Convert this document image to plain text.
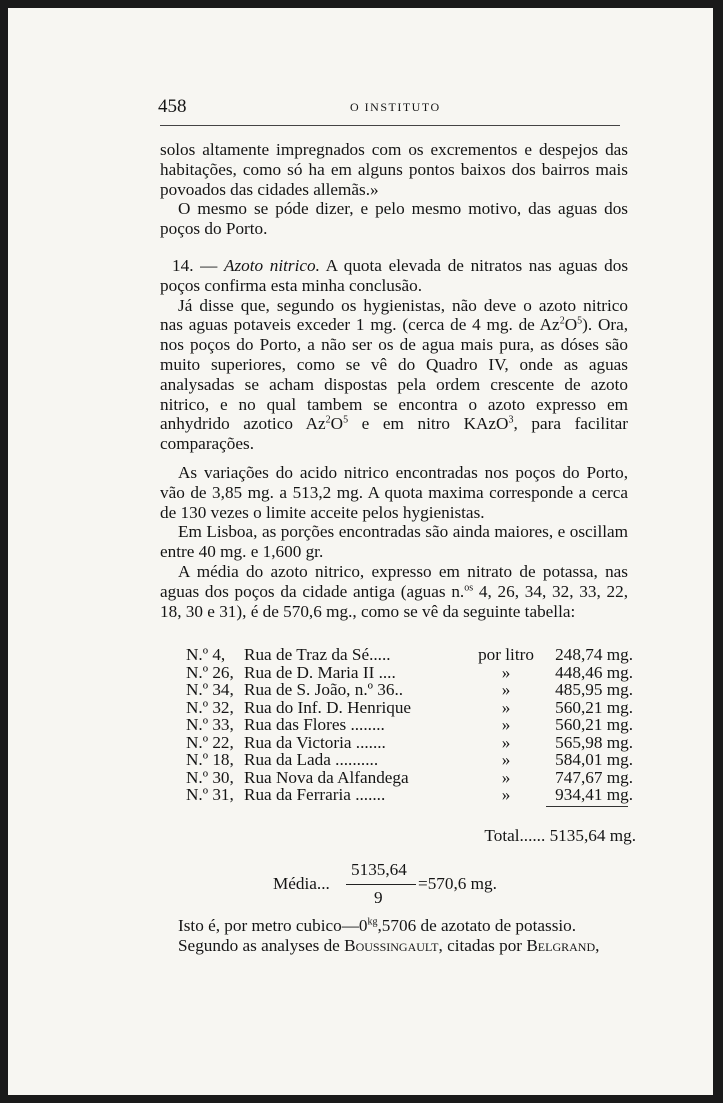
458	O INSTITUTO

solos altamente impregnados com os excrementos e despejos das habitações, como só ha em alguns pontos baixos dos bairros mais povoados das cidades allemãs.»

O mesmo se póde dizer, e pelo mesmo motivo, das aguas dos poços do Porto.

14. — Azoto nitrico. A quota elevada de nitratos nas aguas dos poços confirma esta minha conclusão.

Já disse que, segundo os hygienistas, não deve o azoto nitrico nas aguas potaveis exceder 1 mg. (cerca de 4 mg. de $Az^2O^5$). Ora, nos poços do Porto, a não ser os de agua mais pura, as dóses são muito superiores, como se vê do Quadro IV, onde as aguas analysadas se acham dispostas pela ordem crescente de azoto nitrico, e no qual tambem se encontra o azoto expresso em anhydrido azotico $Az^2O^5$ e em nitro KAzO$^3$, para facilitar comparações.

As variações do acido nitrico encontradas nos poços do Porto, vão de 3,85 mg. a 513,2 mg. A quota maxima corresponde a cerca de 130 vezes o limite acceite pelos hygienistas.

Em Lisboa, as porções encontradas são ainda maiores, e oscillam entre 40 mg. e 1,600 gr.

A média do azoto nitrico, expresso em nitrato de potassa, nas aguas dos poços da cidade antiga (aguas n.$^{os}$ 4, 26, 34, 32, 33, 22, 18, 30 e 31), é de 570,6 mg., como se vê da seguinte tabella:

N.º 4, Rua de Traz da Sé.....	por litro	248,74 mg.
N.º 26, Rua de D. Maria II ....	»	448,46 mg.
N.º 34, Rua de S. João, n.º 36..	»	485,95 mg.
N.º 32, Rua do Inf. D. Henrique	»	560,21 mg.
N.º 33, Rua das Flores ........	»	560,21 mg.
N.º 22, Rua da Victoria .......	»	565,98 mg.
N.º 18, Rua da Lada ..........	»	584,01 mg.
N.º 30, Rua Nova da Alfandega	»	747,67 mg.
N.º 31, Rua da Ferraria .......	»	934,41 mg.
Total...... 5135,64 mg.
Média...
5135,64
9
=570,6 mg.

Isto é, por metro $cubico—0^{kg},5706$ de azotato de potassio.

Segundo as analyses de Boussingault, citadas por Belgrand,
